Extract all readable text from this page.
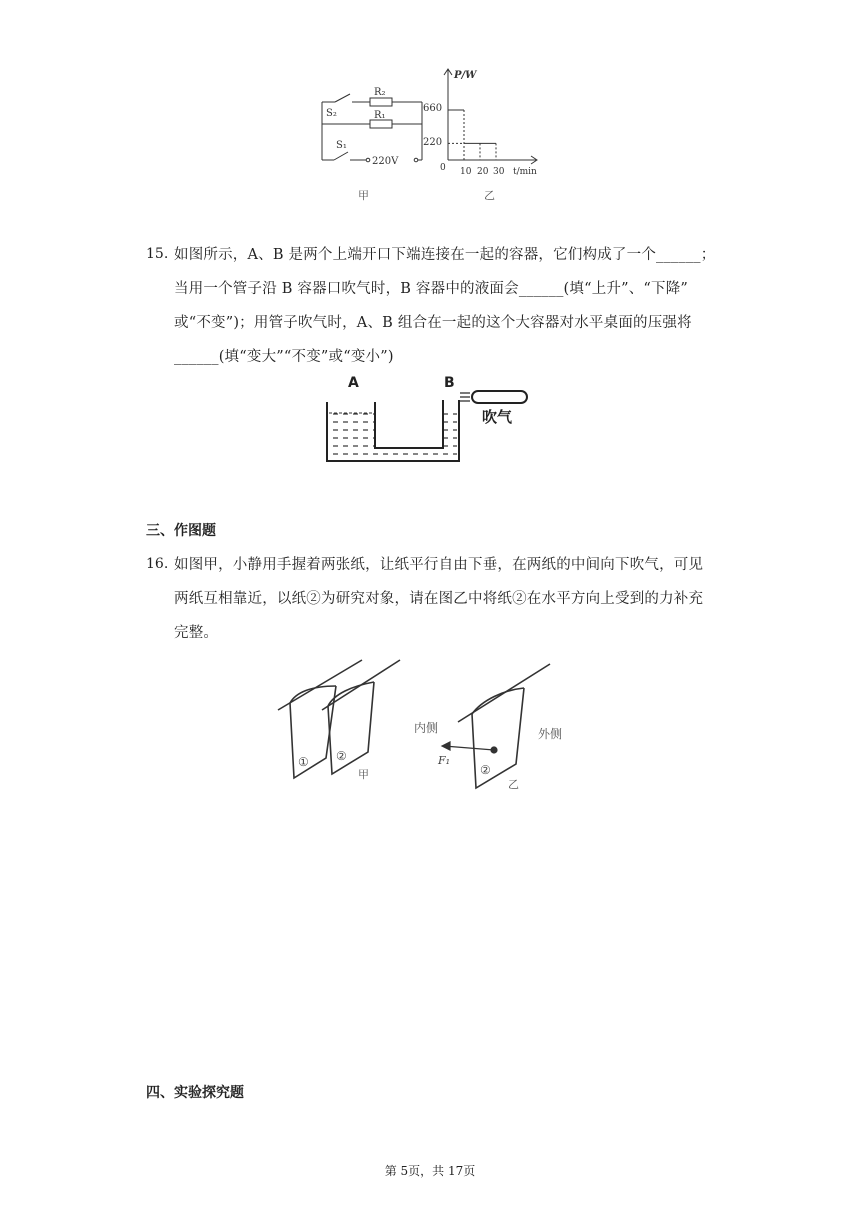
R₂
R₁
S₂
S₁
220V
甲
P/W
t/min
0
660
220
10 20 30
乙
15. 如图所示，A、B 是两个上端开口下端连接在一起的容器，它们构成了一个______；
当用一个管子沿 B 容器口吹气时，B 容器中的液面会______(填“上升”、“下降”
或“不变”)；用管子吹气时，A、B 组合在一起的这个大容器对水平桌面的压强将
______(填“变大”“不变”或“变小”)
A	B
吹气
三、作图题
16. 如图甲，小静用手握着两张纸，让纸平行自由下垂，在两纸的中间向下吹气，可见
两纸互相靠近，以纸②为研究对象，请在图乙中将纸②在水平方向上受到的力补充
完整。
① ②
甲
内侧	外侧
F₁
②
乙
四、实验探究题
第 5页，共 17页
